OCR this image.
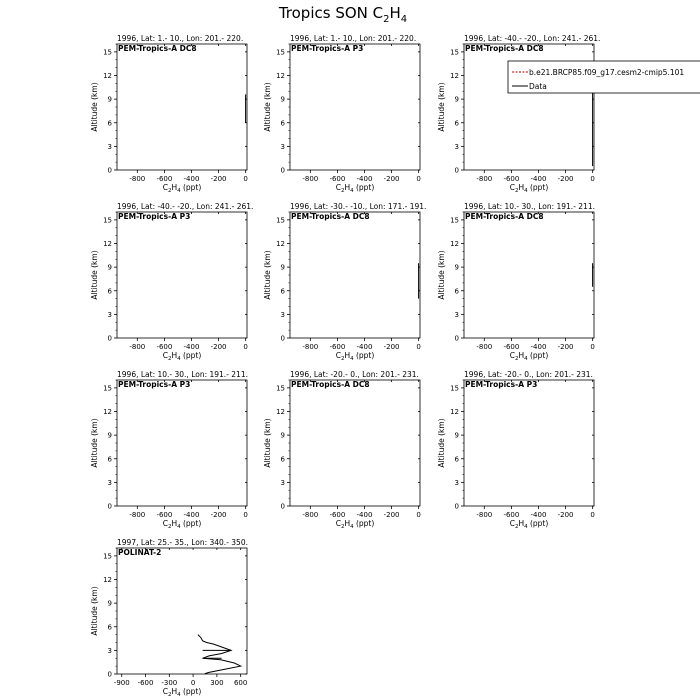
Tropics SON $C_2H_4$
1996, Lat: 1.- 10., Lon: 201.- 220.
PEM-Tropics-A DC8
0
3
6
9
12
15
-800 -600 -400 -200 0
$C_2H_4$ (ppt)
Altitude (km)
1996, Lat: 1.- 10., Lon: 201.- 220.
PEM-Tropics-A P3
0
3
6
9
12
15
-800 -600 -400 -200 0
$C_2H_4$ (ppt)
Altitude (km)
1996, Lat: -40.- -20., Lon: 241.- 261.
PEM-Tropics-A DC8
0
3
6
9
12
15
-800 -600 -400 -200 0
$C_2H_4$ (ppt)
Altitude (km)
1996, Lat: -40.- -20., Lon: 241.- 261.
PEM-Tropics-A P3
0
3
6
9
12
15
-800 -600 -400 -200 0
$C_2H_4$ (ppt)
Altitude (km)
1996, Lat: -30.- -10., Lon: 171.- 191.
PEM-Tropics-A DC8
0
3
6
9
12
15
-800 -600 -400 -200 0
$C_2H_4$ (ppt)
Altitude (km)
1996, Lat: 10.- 30., Lon: 191.- 211.
PEM-Tropics-A DC8
0
3
6
9
12
15
-800 -600 -400 -200 0
$C_2H_4$ (ppt)
Altitude (km)
1996, Lat: 10.- 30., Lon: 191.- 211.
PEM-Tropics-A P3
0
3
6
9
12
15
-800 -600 -400 -200 0
$C_2H_4$ (ppt)
Altitude (km)
1996, Lat: -20.- 0., Lon: 201.- 231.
PEM-Tropics-A DC8
0
3
6
9
12
15
-800 -600 -400 -200 0
$C_2H_4$ (ppt)
Altitude (km)
1996, Lat: -20.- 0., Lon: 201.- 231.
PEM-Tropics-A P3
0
3
6
9
12
15
-800 -600 -400 -200 0
$C_2H_4$ (ppt)
Altitude (km)
1997, Lat: 25.- 35., Lon: 340.- 350.
POLINAT-2
0
3
6
9
12
15
-900 -600 -300 0 300 600
$C_2H_4$ (ppt)
Altitude (km)
b.e21.BRCP85.f09_g17.cesm2-cmip5.101
Data
